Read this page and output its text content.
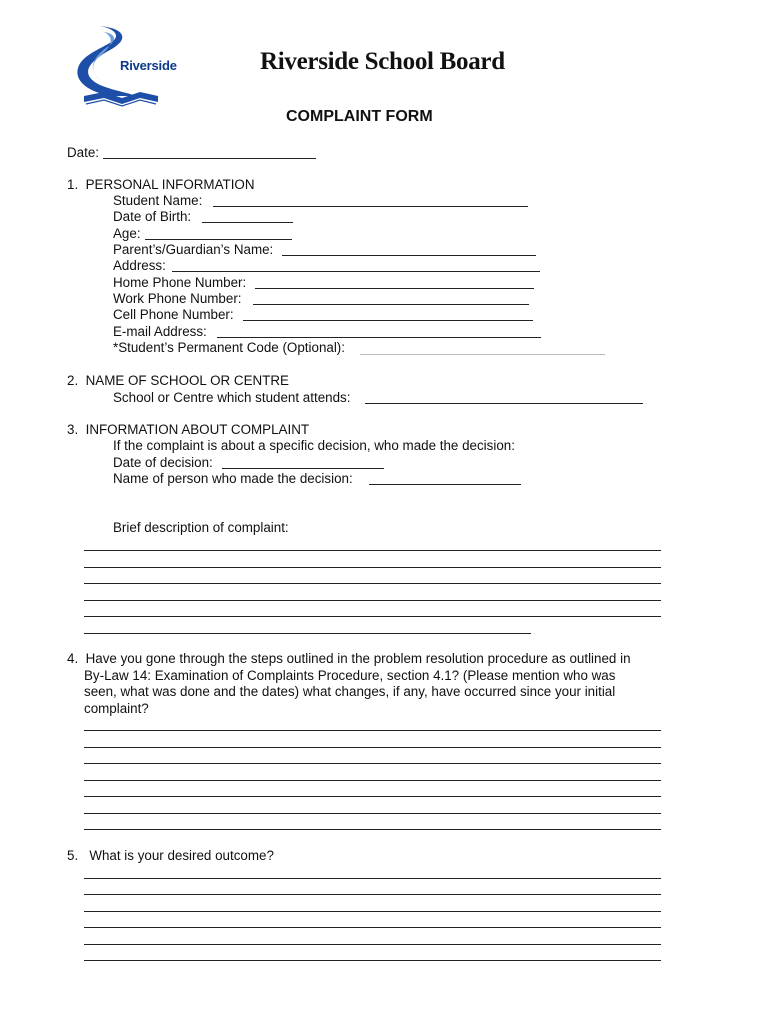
Riverside	Riverside School Board
COMPLAINT FORM
Date:
1.  PERSONAL INFORMATION
Student Name:
Date of Birth:
Age:
Parent’s/Guardian’s Name:
Address:
Home Phone Number:
Work Phone Number:
Cell Phone Number:
E-mail Address:
*Student’s Permanent Code (Optional):
2.  NAME OF SCHOOL OR CENTRE
School or Centre which student attends:
3.  INFORMATION ABOUT COMPLAINT
If the complaint is about a specific decision, who made the decision:
Date of decision:
Name of person who made the decision:
Brief description of complaint:
4.  Have you gone through the steps outlined in the problem resolution procedure as outlined in
By-Law 14: Examination of Complaints Procedure, section 4.1? (Please mention who was
seen, what was done and the dates) what changes, if any, have occurred since your initial
complaint?
5.   What is your desired outcome?
